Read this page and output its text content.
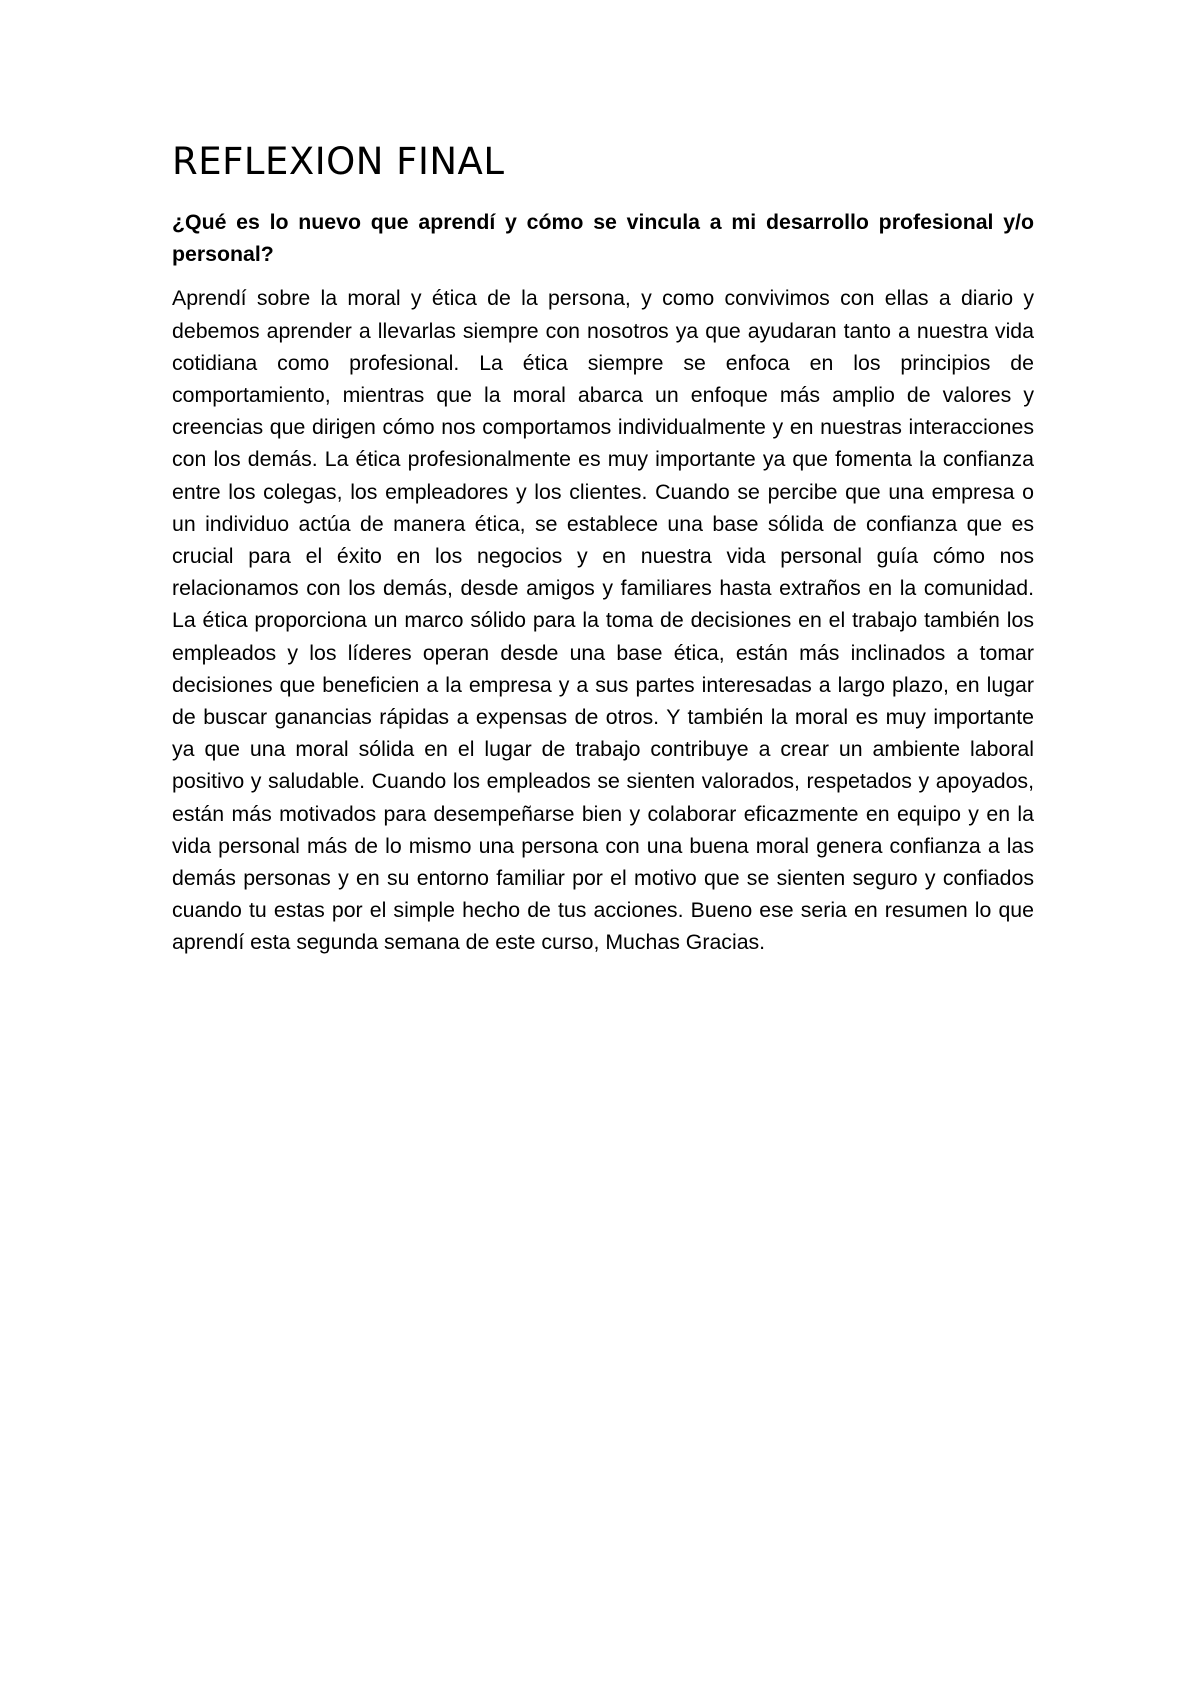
REFLEXION FINAL

¿Qué es lo nuevo que aprendí y cómo se vincula a mi desarrollo profesional y/o personal?

Aprendí sobre la moral y ética de la persona, y como convivimos con ellas a diario y debemos aprender a llevarlas siempre con nosotros ya que ayudaran tanto a nuestra vida cotidiana como profesional. La ética siempre se enfoca en los principios de comportamiento, mientras que la moral abarca un enfoque más amplio de valores y creencias que dirigen cómo nos comportamos individualmente y en nuestras interacciones con los demás. La ética profesionalmente es muy importante ya que fomenta la confianza entre los colegas, los empleadores y los clientes. Cuando se percibe que una empresa o un individuo actúa de manera ética, se establece una base sólida de confianza que es crucial para el éxito en los negocios y en nuestra vida personal guía cómo nos relacionamos con los demás, desde amigos y familiares hasta extraños en la comunidad. La ética proporciona un marco sólido para la toma de decisiones en el trabajo también los empleados y los líderes operan desde una base ética, están más inclinados a tomar decisiones que beneficien a la empresa y a sus partes interesadas a largo plazo, en lugar de buscar ganancias rápidas a expensas de otros. Y también la moral es muy importante ya que una moral sólida en el lugar de trabajo contribuye a crear un ambiente laboral positivo y saludable. Cuando los empleados se sienten valorados, respetados y apoyados, están más motivados para desempeñarse bien y colaborar eficazmente en equipo y en la vida personal más de lo mismo una persona con una buena moral genera confianza a las demás personas y en su entorno familiar por el motivo que se sienten seguro y confiados cuando tu estas por el simple hecho de tus acciones. Bueno ese seria en resumen lo que aprendí esta segunda semana de este curso, Muchas Gracias.
